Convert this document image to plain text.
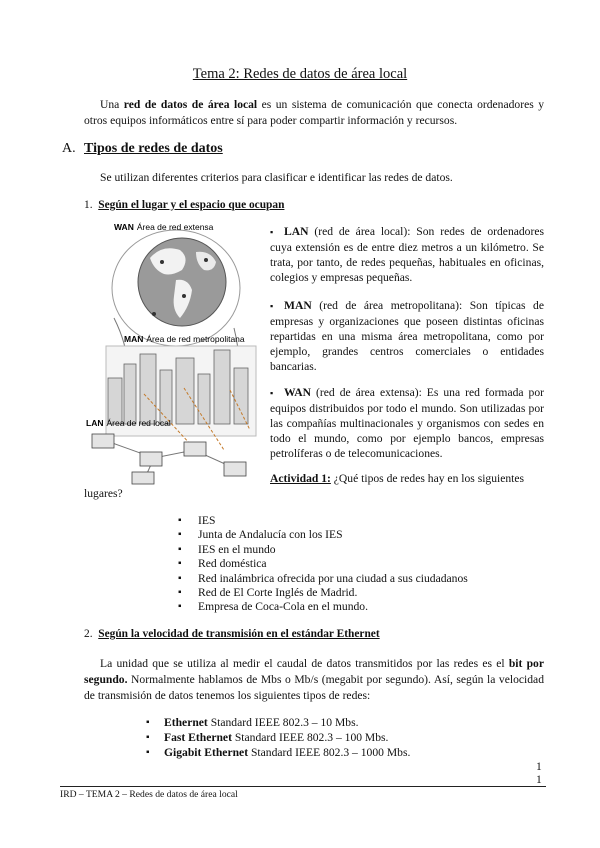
Tema 2: Redes de datos de área local
Una red de datos de área local es un sistema de comunicación que conecta ordenadores y otros equipos informáticos entre sí para poder compartir información y recursos.
A. Tipos de redes de datos
Se utilizan diferentes criterios para clasificar e identificar las redes de datos.
1. Según el lugar y el espacio que ocupan
WAN Área de red extensa
MAN Área de red metropolitana
LAN Área de red local
▪ LAN (red de área local): Son redes de ordenadores cuya extensión es de entre diez metros a un kilómetro. Se trata, por tanto, de redes pequeñas, habituales en oficinas, colegios y empresas pequeñas.
▪ MAN (red de área metropolitana): Son típicas de empresas y organizaciones que poseen distintas oficinas repartidas en una misma área metropolitana, como por ejemplo, grandes centros comerciales o entidades bancarias.
▪ WAN (red de área extensa): Es una red formada por equipos distribuidos por todo el mundo. Son utilizadas por las compañías multinacionales y organismos con sedes en todo el mundo, como por ejemplo bancos, empresas petrolíferas o de telecomunicaciones.
Actividad 1: ¿Qué tipos de redes hay en los siguientes
lugares?
▪ IES
▪ Junta de Andalucía con los IES
▪ IES en el mundo
▪ Red doméstica
▪ Red inalámbrica ofrecida por una ciudad a sus ciudadanos
▪ Red de El Corte Inglés de Madrid.
▪ Empresa de Coca-Cola en el mundo.
2. Según la velocidad de transmisión en el estándar Ethernet
La unidad que se utiliza al medir el caudal de datos transmitidos por las redes es el bit por segundo. Normalmente hablamos de Mbs o Mb/s (megabit por segundo). Así, según la velocidad de transmisión de datos tenemos los siguientes tipos de redes:
▪ Ethernet Standard IEEE 802.3 – 10 Mbs.
▪ Fast Ethernet Standard IEEE 802.3 – 100 Mbs.
▪ Gigabit Ethernet Standard IEEE 802.3 – 1000 Mbs.
1
1
IRD – TEMA 2 – Redes de datos de área local
